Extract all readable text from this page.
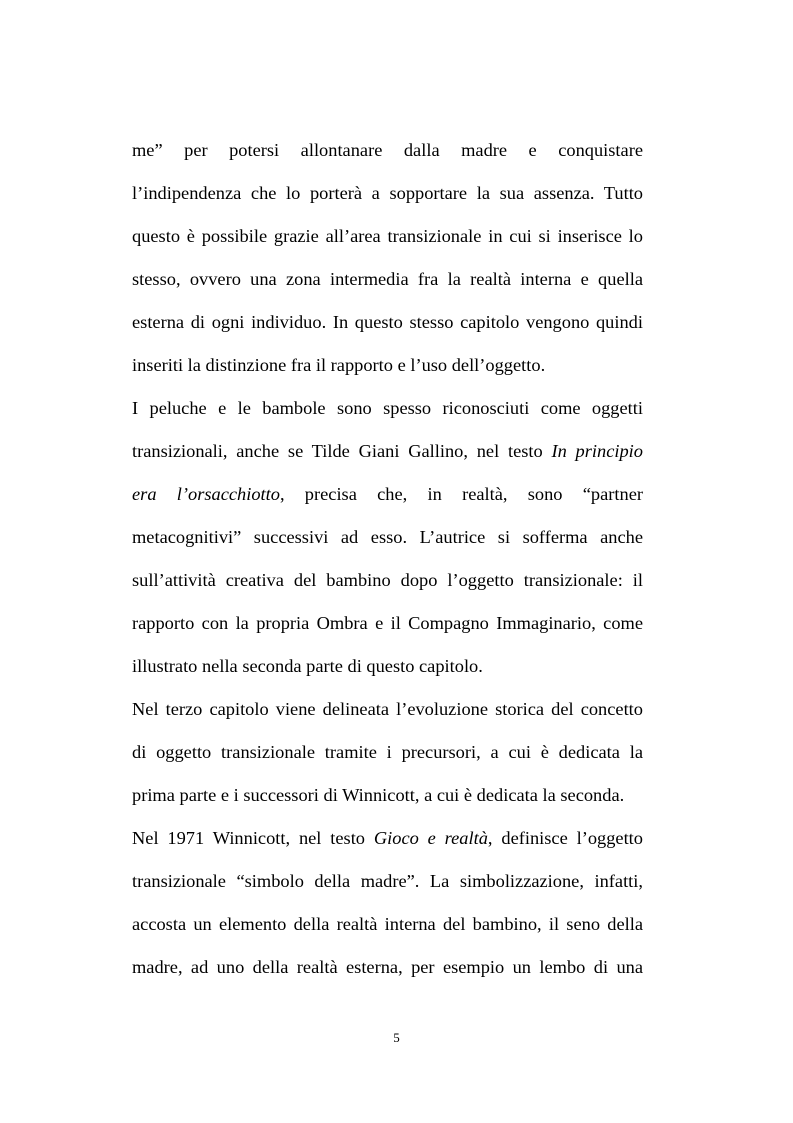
me” per potersi allontanare dalla madre e conquistare
l’indipendenza che lo porterà a sopportare la sua assenza. Tutto
questo è possibile grazie all’area transizionale in cui si inserisce lo
stesso, ovvero una zona intermedia fra la realtà interna e quella
esterna di ogni individuo. In questo stesso capitolo vengono quindi
inseriti la distinzione fra il rapporto e l’uso dell’oggetto.
I peluche e le bambole sono spesso riconosciuti come oggetti
transizionali, anche se Tilde Giani Gallino, nel testo In principio
era l’orsacchiotto, precisa che, in realtà, sono “partner
metacognitivi” successivi ad esso. L’autrice si sofferma anche
sull’attività creativa del bambino dopo l’oggetto transizionale: il
rapporto con la propria Ombra e il Compagno Immaginario, come
illustrato nella seconda parte di questo capitolo.
Nel terzo capitolo viene delineata l’evoluzione storica del concetto
di oggetto transizionale tramite i precursori, a cui è dedicata la
prima parte e i successori di Winnicott, a cui è dedicata la seconda.
Nel 1971 Winnicott, nel testo Gioco e realtà, definisce l’oggetto
transizionale “simbolo della madre”. La simbolizzazione, infatti,
accosta un elemento della realtà interna del bambino, il seno della
madre, ad uno della realtà esterna, per esempio un lembo di una
5
